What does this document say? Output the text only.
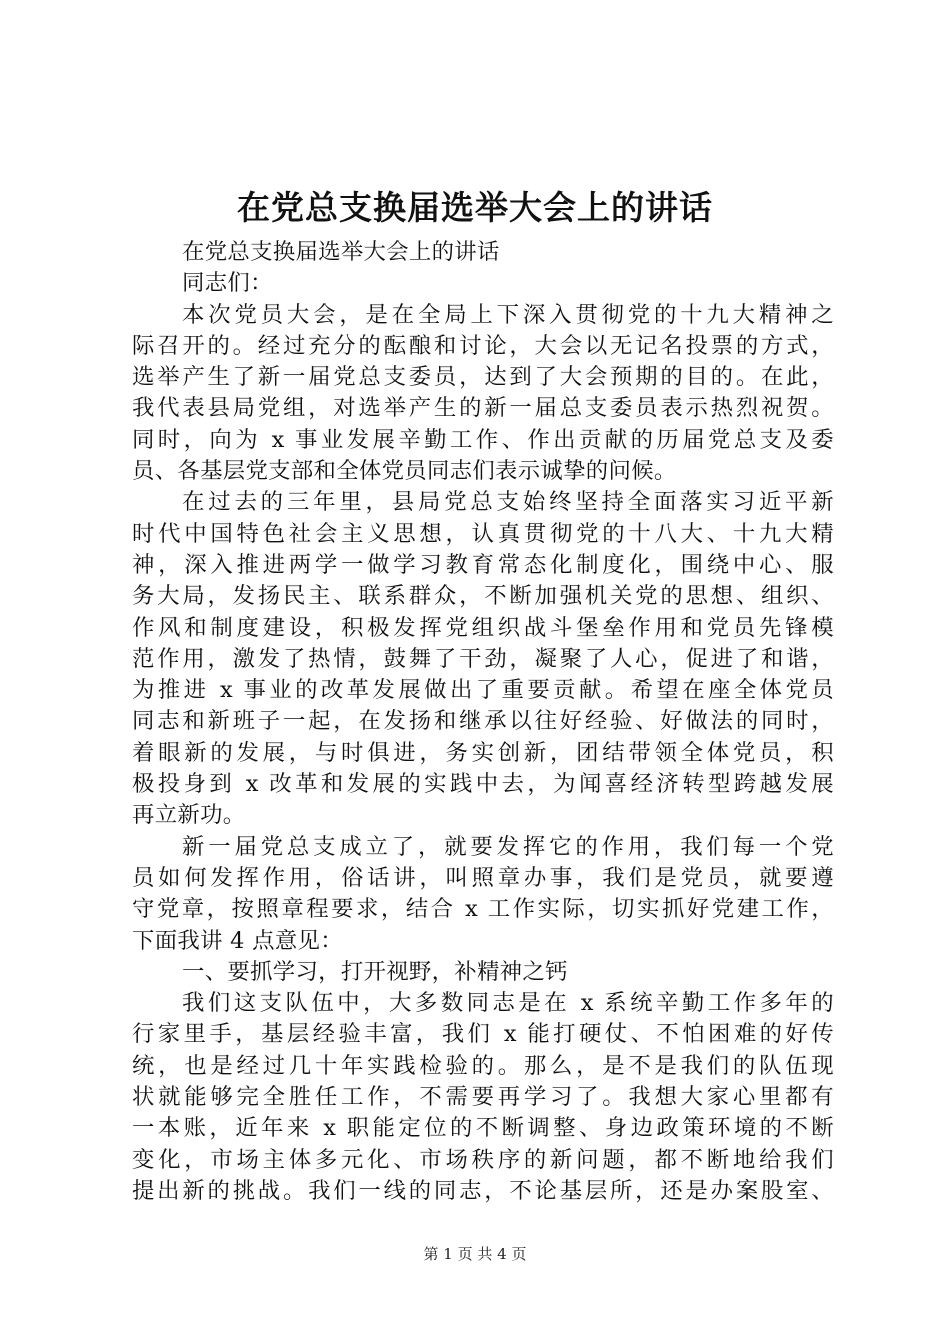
在党总支换届选举大会上的讲话
在党总支换届选举大会上的讲话
同志们：
本次党员大会，是在全局上下深入贯彻党的十九大精神之
际召开的。经过充分的酝酿和讨论，大会以无记名投票的方式，
选举产生了新一届党总支委员，达到了大会预期的目的。在此，
我代表县局党组，对选举产生的新一届总支委员表示热烈祝贺。
同时，向为 x 事业发展辛勤工作、作出贡献的历届党总支及委
员、各基层党支部和全体党员同志们表示诚挚的问候。
在过去的三年里，县局党总支始终坚持全面落实习近平新
时代中国特色社会主义思想，认真贯彻党的十八大、十九大精
神，深入推进两学一做学习教育常态化制度化，围绕中心、服
务大局，发扬民主、联系群众，不断加强机关党的思想、组织、
作风和制度建设，积极发挥党组织战斗堡垒作用和党员先锋模
范作用，激发了热情，鼓舞了干劲，凝聚了人心，促进了和谐，
为推进 x 事业的改革发展做出了重要贡献。希望在座全体党员
同志和新班子一起，在发扬和继承以往好经验、好做法的同时，
着眼新的发展，与时俱进，务实创新，团结带领全体党员，积
极投身到 x 改革和发展的实践中去，为闻喜经济转型跨越发展
再立新功。
新一届党总支成立了，就要发挥它的作用，我们每一个党
员如何发挥作用，俗话讲，叫照章办事，我们是党员，就要遵
守党章，按照章程要求，结合 x 工作实际，切实抓好党建工作，
下面我讲 4 点意见：
一、要抓学习，打开视野，补精神之钙
我们这支队伍中，大多数同志是在 x 系统辛勤工作多年的
行家里手，基层经验丰富，我们 x 能打硬仗、不怕困难的好传
统，也是经过几十年实践检验的。那么，是不是我们的队伍现
状就能够完全胜任工作，不需要再学习了。我想大家心里都有
一本账，近年来 x 职能定位的不断调整、身边政策环境的不断
变化，市场主体多元化、市场秩序的新问题，都不断地给我们
提出新的挑战。我们一线的同志，不论基层所，还是办案股室、
第 1 页 共 4 页
